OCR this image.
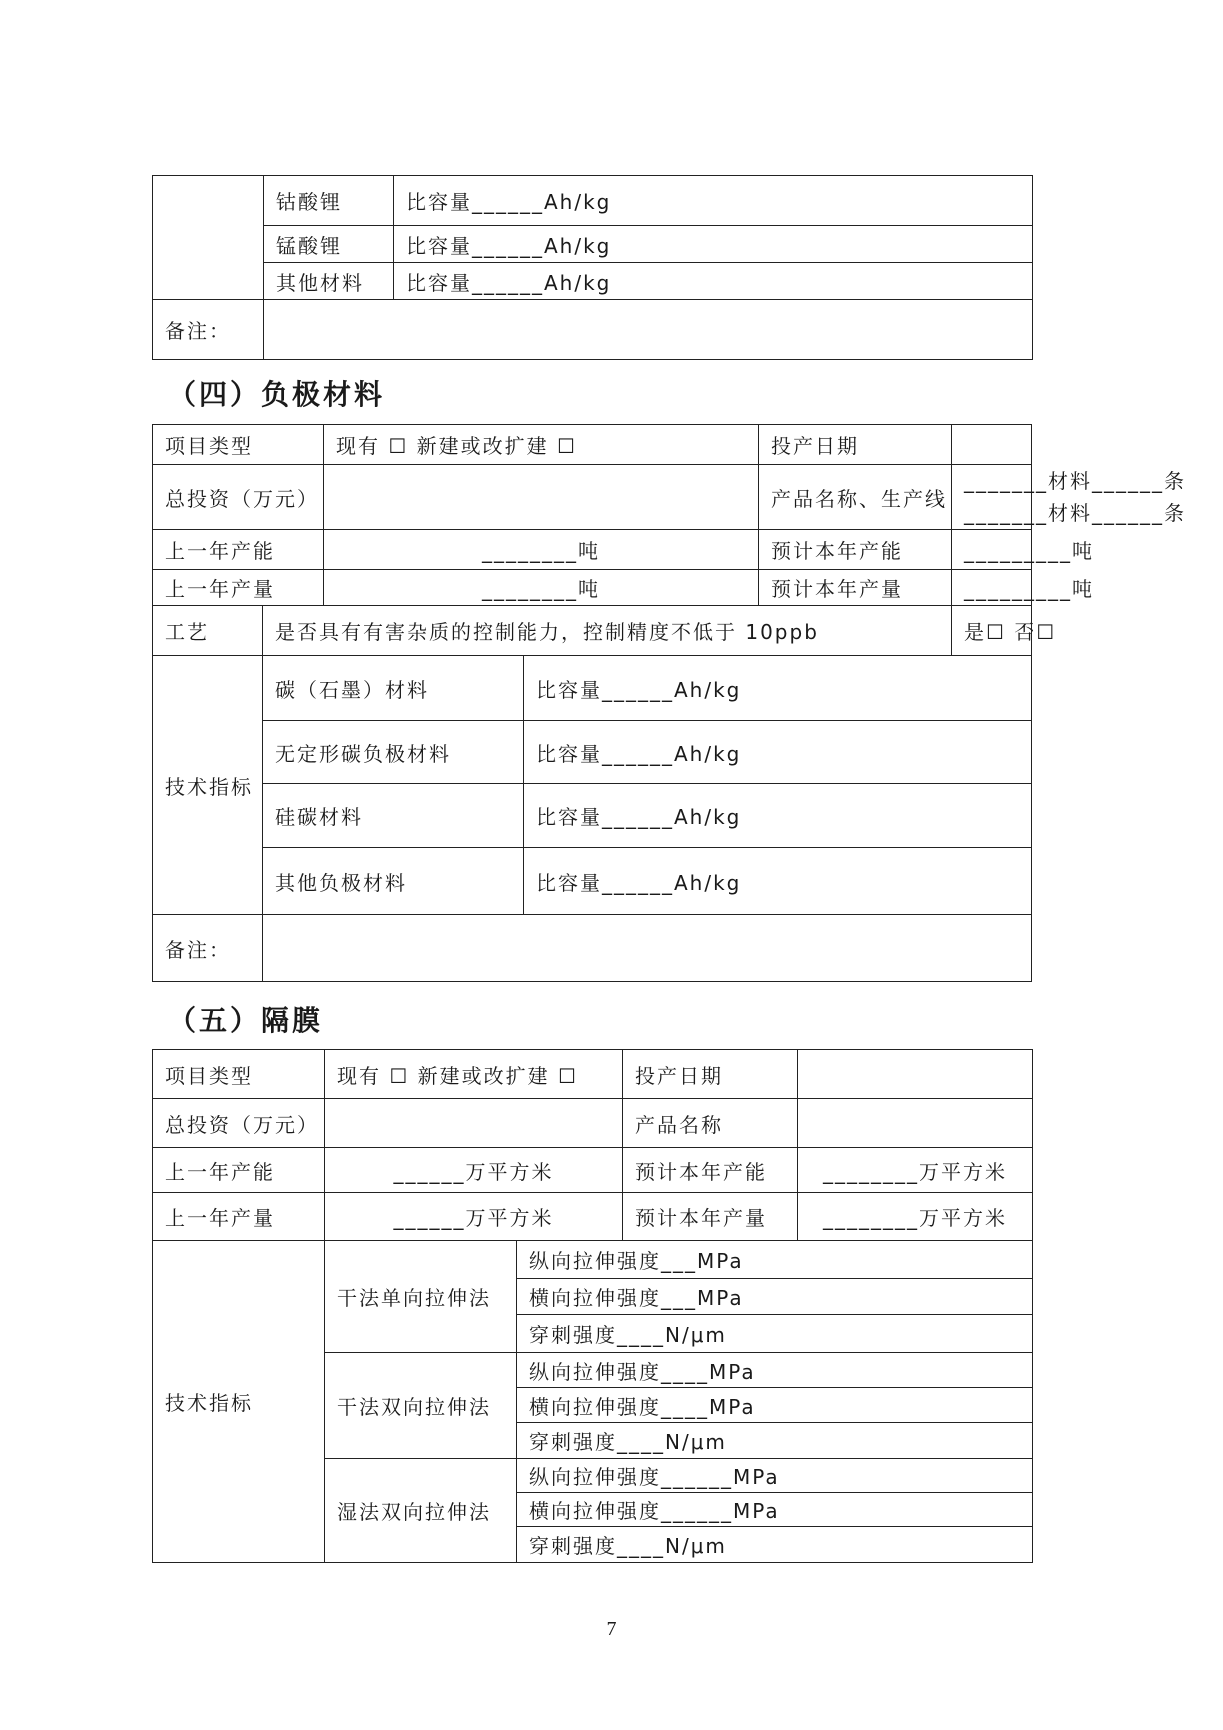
	钴酸锂	比容量______Ah/kg
	锰酸锂	比容量______Ah/kg
	其他材料	比容量______Ah/kg
备注：		
（四）负极材料
项目类型		现有 ☐ 新建或改扩建 ☐		投产日期	
总投资（万元）				产品名称、生产线	_______材料______条
_______材料______条

上一年产能		________吨		预计本年产能	_________吨
上一年产量		________吨		预计本年产量	_________吨
工艺	是否具有有害杂质的控制能力，控制精度不低于 10ppb				是☐ 否☐
技术指标	碳（石墨）材料		比容量______Ah/kg		
	无定形碳负极材料		比容量______Ah/kg		
	硅碳材料		比容量______Ah/kg		
	其他负极材料		比容量______Ah/kg		
备注：					
（五）隔膜
项目类型	现有 ☐ 新建或改扩建 ☐		投产日期	
总投资（万元）			产品名称	
上一年产能	______万平方米		预计本年产能	________万平方米
上一年产量	______万平方米		预计本年产量	________万平方米
技术指标	干法单向拉伸法	纵向拉伸强度___MPa		
		横向拉伸强度___MPa		
		穿刺强度____N/μm		
	干法双向拉伸法	纵向拉伸强度____MPa		
		横向拉伸强度____MPa		
		穿刺强度____N/μm		
	湿法双向拉伸法	纵向拉伸强度______MPa		
		横向拉伸强度______MPa		
		穿刺强度____N/μm		
7
